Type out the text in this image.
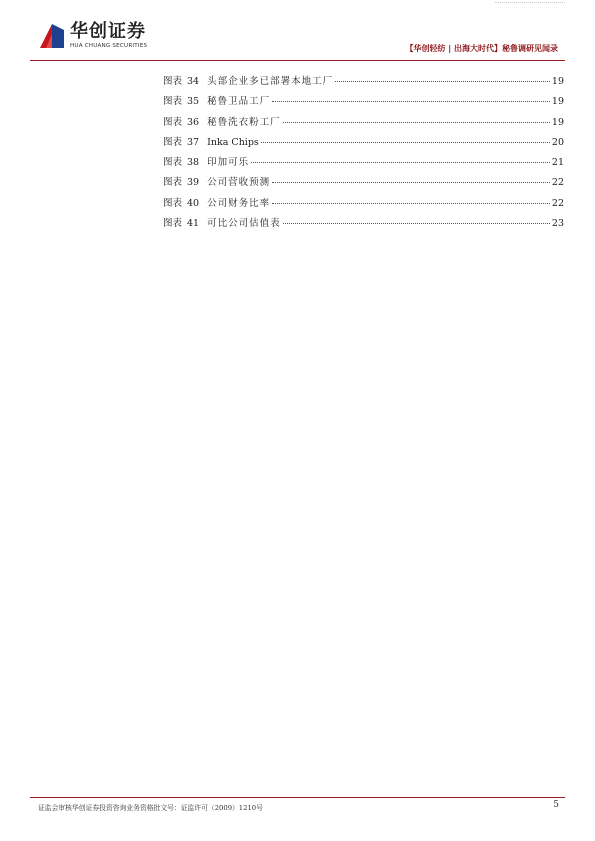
华创证券
HUA CHUANG SECURITIES	【华创轻纺 | 出海大时代】秘鲁调研见闻录
图表 34 头部企业多已部署本地工厂	19
图表 35 秘鲁卫品工厂	19
图表 36 秘鲁洗衣粉工厂	19
图表 37 Inka Chips	20
图表 38 印加可乐	21
图表 39 公司营收预测	22
图表 40 公司财务比率	22
图表 41 可比公司估值表	23
证监会审核华创证券投资咨询业务资格批文号：证监许可（2009）1210号	5
